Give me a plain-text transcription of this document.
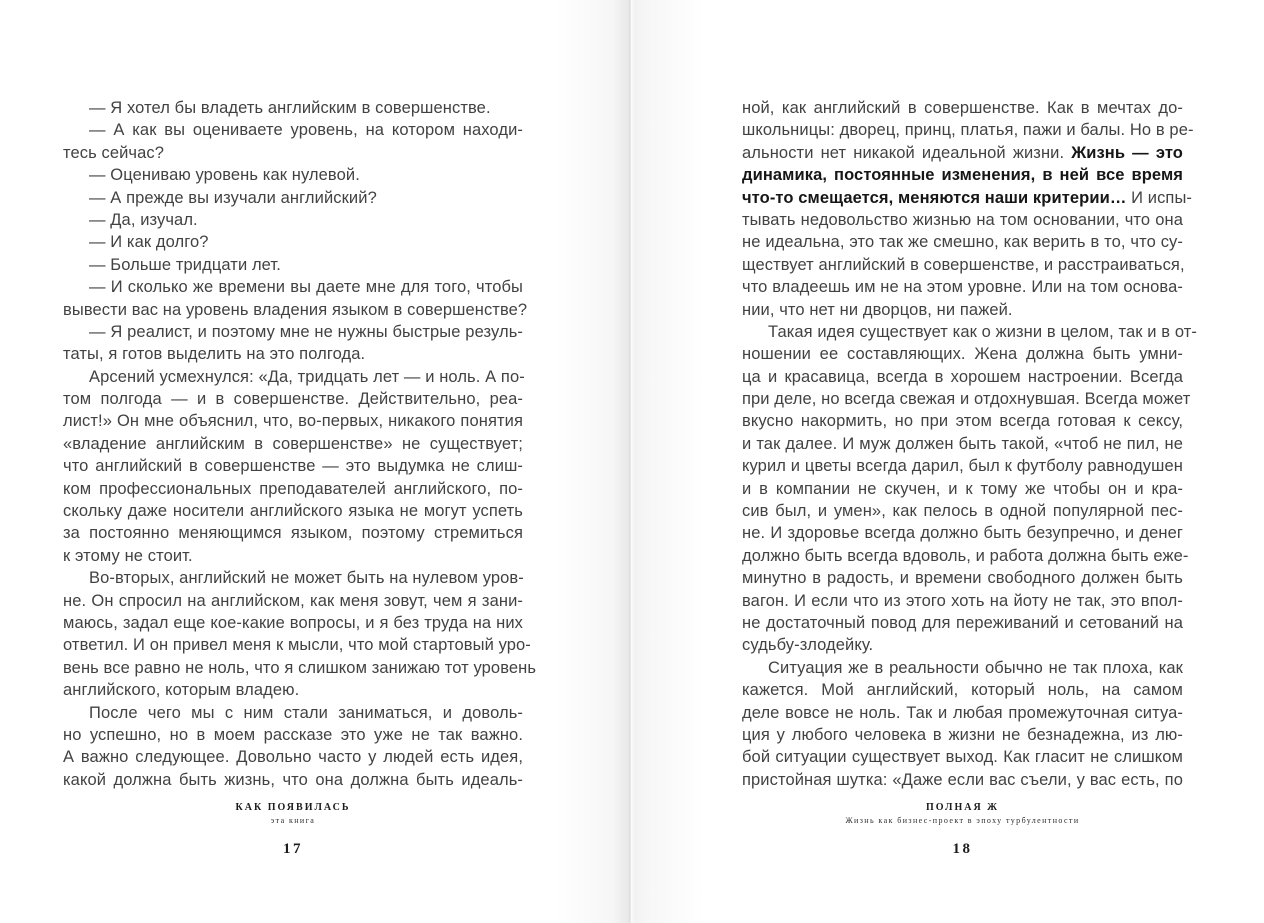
— Я хотел бы владеть английским в совершенстве.
— А как вы оцениваете уровень, на котором находи-
тесь сейчас?
— Оцениваю уровень как нулевой.
— А прежде вы изучали английский?
— Да, изучал.
— И как долго?
— Больше тридцати лет.
— И сколько же времени вы даете мне для того, чтобы
вывести вас на уровень владения языком в совершенстве?
— Я реалист, и поэтому мне не нужны быстрые резуль-
таты, я готов выделить на это полгода.
Арсений усмехнулся: «Да, тридцать лет — и ноль. А по-
том полгода — и в совершенстве. Действительно, реа-
лист!» Он мне объяснил, что, во-первых, никакого понятия
«владение английским в совершенстве» не существует;
что английский в совершенстве — это выдумка не слиш-
ком профессиональных преподавателей английского, по-
скольку даже носители английского языка не могут успеть
за постоянно меняющимся языком, поэтому стремиться
к этому не стоит.
Во-вторых, английский не может быть на нулевом уров-
не. Он спросил на английском, как меня зовут, чем я зани-
маюсь, задал еще кое-какие вопросы, и я без труда на них
ответил. И он привел меня к мысли, что мой стартовый уро-
вень все равно не ноль, что я слишком занижаю тот уровень
английского, которым владею.
После чего мы с ним стали заниматься, и доволь-
но успешно, но в моем рассказе это уже не так важно.
А важно следующее. Довольно часто у людей есть идея,
какой должна быть жизнь, что она должна быть идеаль-
КАК ПОЯВИЛАСЬ
эта книга
17
ной, как английский в совершенстве. Как в мечтах до-
школьницы: дворец, принц, платья, пажи и балы. Но в ре-
альности нет никакой идеальной жизни. Жизнь — это
динамика, постоянные изменения, в ней все время
что-то смещается, меняются наши критерии… И испы-
тывать недовольство жизнью на том основании, что она
не идеальна, это так же смешно, как верить в то, что су-
ществует английский в совершенстве, и расстраиваться,
что владеешь им не на этом уровне. Или на том основа-
нии, что нет ни дворцов, ни пажей.
Такая идея существует как о жизни в целом, так и в от-
ношении ее составляющих. Жена должна быть умни-
ца и красавица, всегда в хорошем настроении. Всегда
при деле, но всегда свежая и отдохнувшая. Всегда может
вкусно накормить, но при этом всегда готовая к сексу,
и так далее. И муж должен быть такой, «чтоб не пил, не
курил и цветы всегда дарил, был к футболу равнодушен
и в компании не скучен, и к тому же чтобы он и кра-
сив был, и умен», как пелось в одной популярной пес-
не. И здоровье всегда должно быть безупречно, и денег
должно быть всегда вдоволь, и работа должна быть еже-
минутно в радость, и времени свободного должен быть
вагон. И если что из этого хоть на йоту не так, это впол-
не достаточный повод для переживаний и сетований на
судьбу-злодейку.
Ситуация же в реальности обычно не так плоха, как
кажется. Мой английский, который ноль, на самом
деле вовсе не ноль. Так и любая промежуточная ситуа-
ция у любого человека в жизни не безнадежна, из лю-
бой ситуации существует выход. Как гласит не слишком
пристойная шутка: «Даже если вас съели, у вас есть, по
ПОЛНАЯ Ж
Жизнь как бизнес-проект в эпоху турбулентности
18
